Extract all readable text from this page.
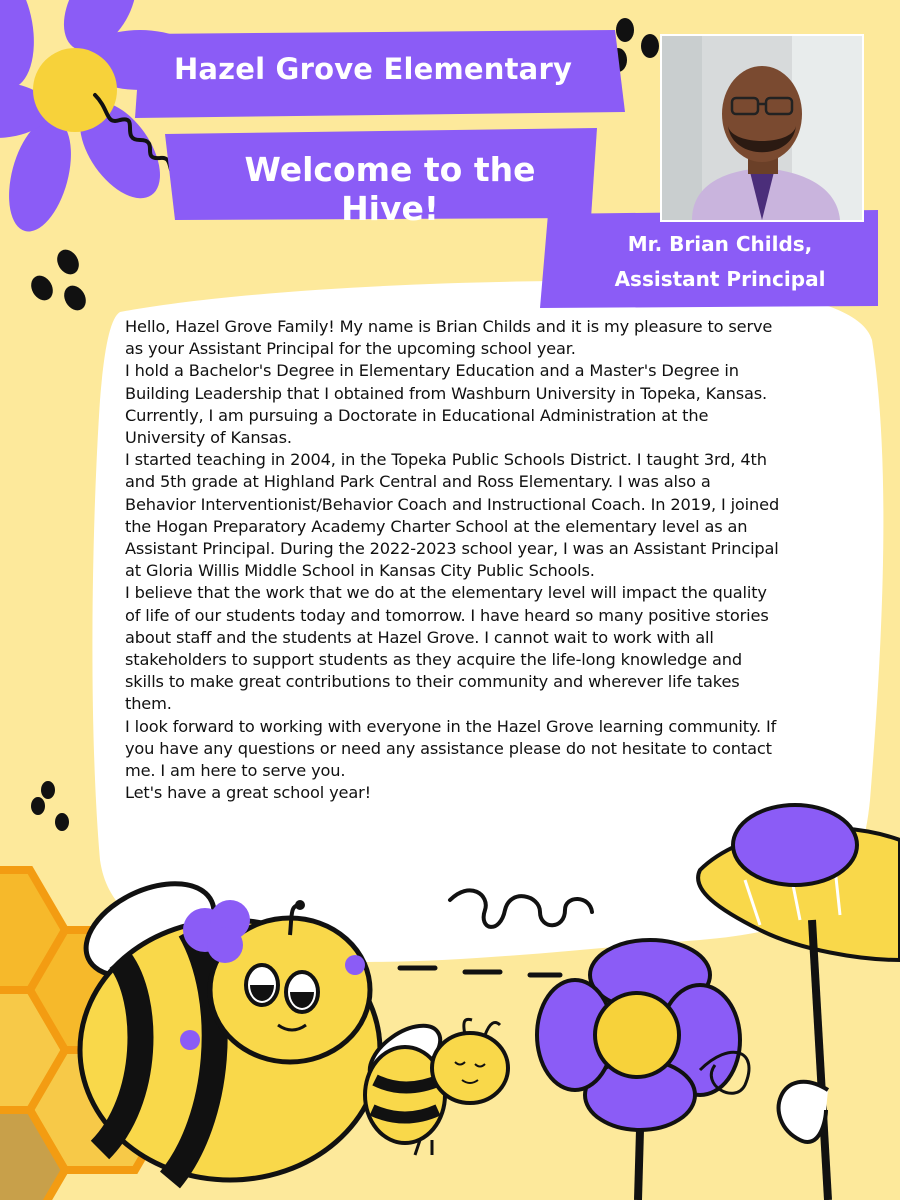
Hazel Grove Elementary
Welcome to the Hive!
Mr. Brian Childs,
Assistant Principal

Hello, Hazel Grove Family! My name is Brian Childs and it is my pleasure to serve as your Assistant Principal for the upcoming school year.

I hold a Bachelor's Degree in Elementary Education and a Master's Degree in Building Leadership that I obtained from Washburn University in Topeka, Kansas. Currently, I am pursuing a Doctorate in Educational Administration at the University of Kansas.

I started teaching in 2004, in the Topeka Public Schools District. I taught 3rd, 4th and 5th grade at Highland Park Central and Ross Elementary. I was also a Behavior Interventionist/Behavior Coach and Instructional Coach. In 2019, I joined the Hogan Preparatory Academy Charter School at the elementary level as an Assistant Principal. During the 2022-2023 school year, I was an Assistant Principal at Gloria Willis Middle School in Kansas City Public Schools.

I believe that the work that we do at the elementary level will impact the quality of life of our students today and tomorrow. I have heard so many positive stories about staff and the students at Hazel Grove. I cannot wait to work with all stakeholders to support students as they acquire the life-long knowledge and skills to make great contributions to their community and wherever life takes them.

I look forward to working with everyone in the Hazel Grove learning community. If you have any questions or need any assistance please do not hesitate to contact me. I am here to serve you.

Let's have a great school year!
